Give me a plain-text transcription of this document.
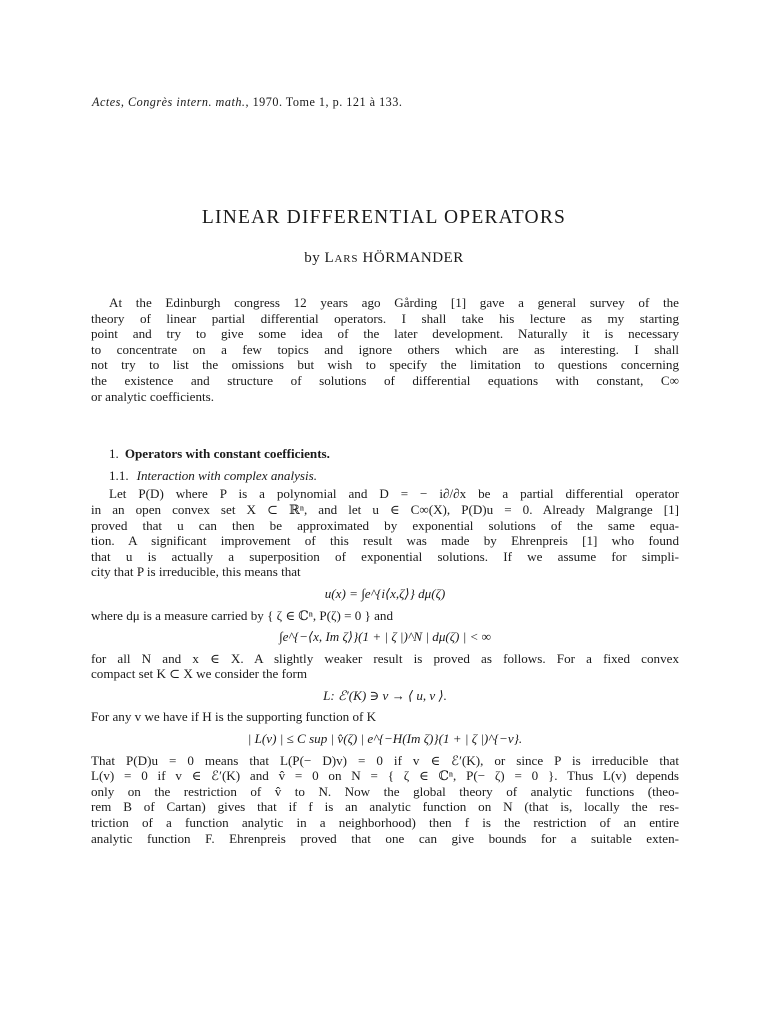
Actes, Congrès intern. math., 1970. Tome 1, p. 121 à 133.
LINEAR DIFFERENTIAL OPERATORS
by Lars HÖRMANDER
At the Edinburgh congress 12 years ago Gårding [1] gave a general survey of the
theory of linear partial differential operators. I shall take his lecture as my starting
point and try to give some idea of the later development. Naturally it is necessary
to concentrate on a few topics and ignore others which are as interesting. I shall
not try to list the omissions but wish to specify the limitation to questions concerning
the existence and structure of solutions of differential equations with constant, C∞
or analytic coefficients.
1. Operators with constant coefficients.
1.1. Interaction with complex analysis.
Let P(D) where P is a polynomial and D = − i∂/∂x be a partial differential operator
in an open convex set X ⊂ ℝⁿ, and let u ∈ C∞(X), P(D)u = 0. Already Malgrange [1]
proved that u can then be approximated by exponential solutions of the same equa-
tion. A significant improvement of this result was made by Ehrenpreis [1] who found
that u is actually a superposition of exponential solutions. If we assume for simpli-
city that P is irreducible, this means that
u(x) = ∫e^{i⟨x,ζ⟩} dμ(ζ)
where dμ is a measure carried by { ζ ∈ ℂⁿ, P(ζ) = 0 } and
∫e^{−⟨x, Im ζ⟩}(1 + | ζ |)^N | dμ(ζ) | < ∞
for all N and x ∈ X. A slightly weaker result is proved as follows. For a fixed convex
compact set K ⊂ X we consider the form
L: ℰ′(K) ∋ v → ⟨ u, v ⟩.
For any v we have if H is the supporting function of K
| L(v) | ≤ C sup | v̂(ζ) | e^{−H(Im ζ)}(1 + | ζ |)^{−ν}.
That P(D)u = 0 means that L(P(− D)v) = 0 if v ∈ ℰ′(K), or since P is irreducible that
L(v) = 0 if v ∈ ℰ′(K) and v̂ = 0 on N = { ζ ∈ ℂⁿ, P(− ζ) = 0 }. Thus L(v) depends
only on the restriction of v̂ to N. Now the global theory of analytic functions (theo-
rem B of Cartan) gives that if f is an analytic function on N (that is, locally the res-
triction of a function analytic in a neighborhood) then f is the restriction of an entire
analytic function F. Ehrenpreis proved that one can give bounds for a suitable exten-
